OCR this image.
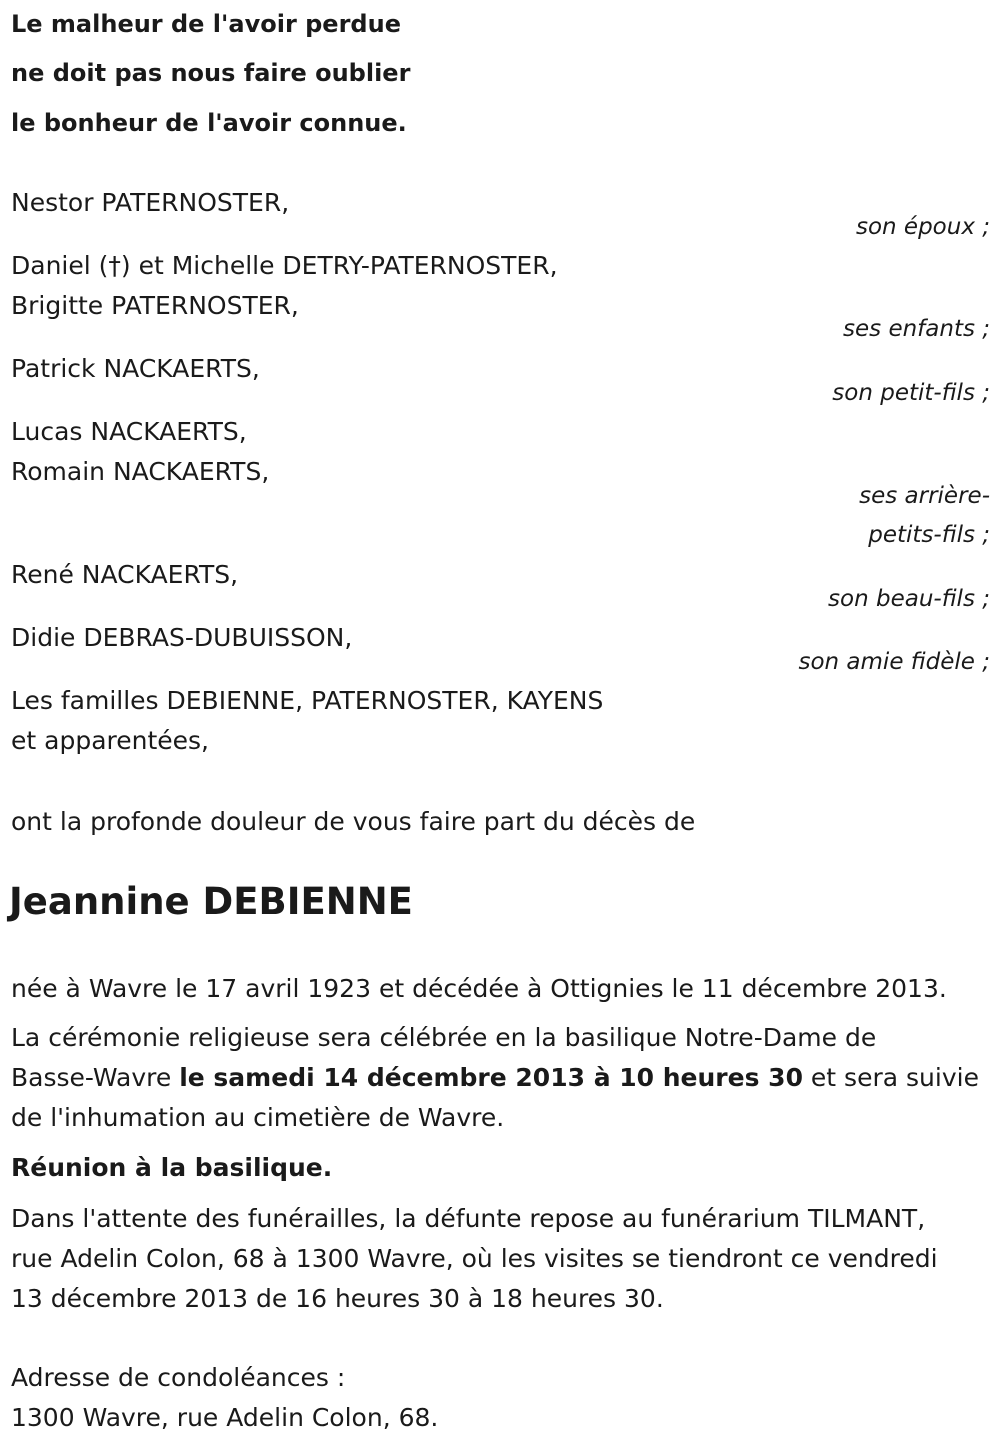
Le malheur de l'avoir perdue
ne doit pas nous faire oublier
le bonheur de l'avoir connue.
Nestor PATERNOSTER,
son époux ;
Daniel (†) et Michelle DETRY-PATERNOSTER,
Brigitte PATERNOSTER,
ses enfants ;
Patrick NACKAERTS,
son petit-fils ;
Lucas NACKAERTS,
Romain NACKAERTS,
ses arrière-
petits-fils ;
René NACKAERTS,
son beau-fils ;
Didie DEBRAS-DUBUISSON,
son amie fidèle ;
Les familles DEBIENNE, PATERNOSTER, KAYENS
et apparentées,
ont la profonde douleur de vous faire part du décès de
Jeannine DEBIENNE
née à Wavre le 17 avril 1923 et décédée à Ottignies le 11 décembre 2013.
La cérémonie religieuse sera célébrée en la basilique Notre-Dame de
Basse-Wavre le samedi 14 décembre 2013 à 10 heures 30 et sera suivie
de l'inhumation au cimetière de Wavre.
Réunion à la basilique.
Dans l'attente des funérailles, la défunte repose au funérarium TILMANT,
rue Adelin Colon, 68 à 1300 Wavre, où les visites se tiendront ce vendredi
13 décembre 2013 de 16 heures 30 à 18 heures 30.
Adresse de condoléances :
1300 Wavre, rue Adelin Colon, 68.
